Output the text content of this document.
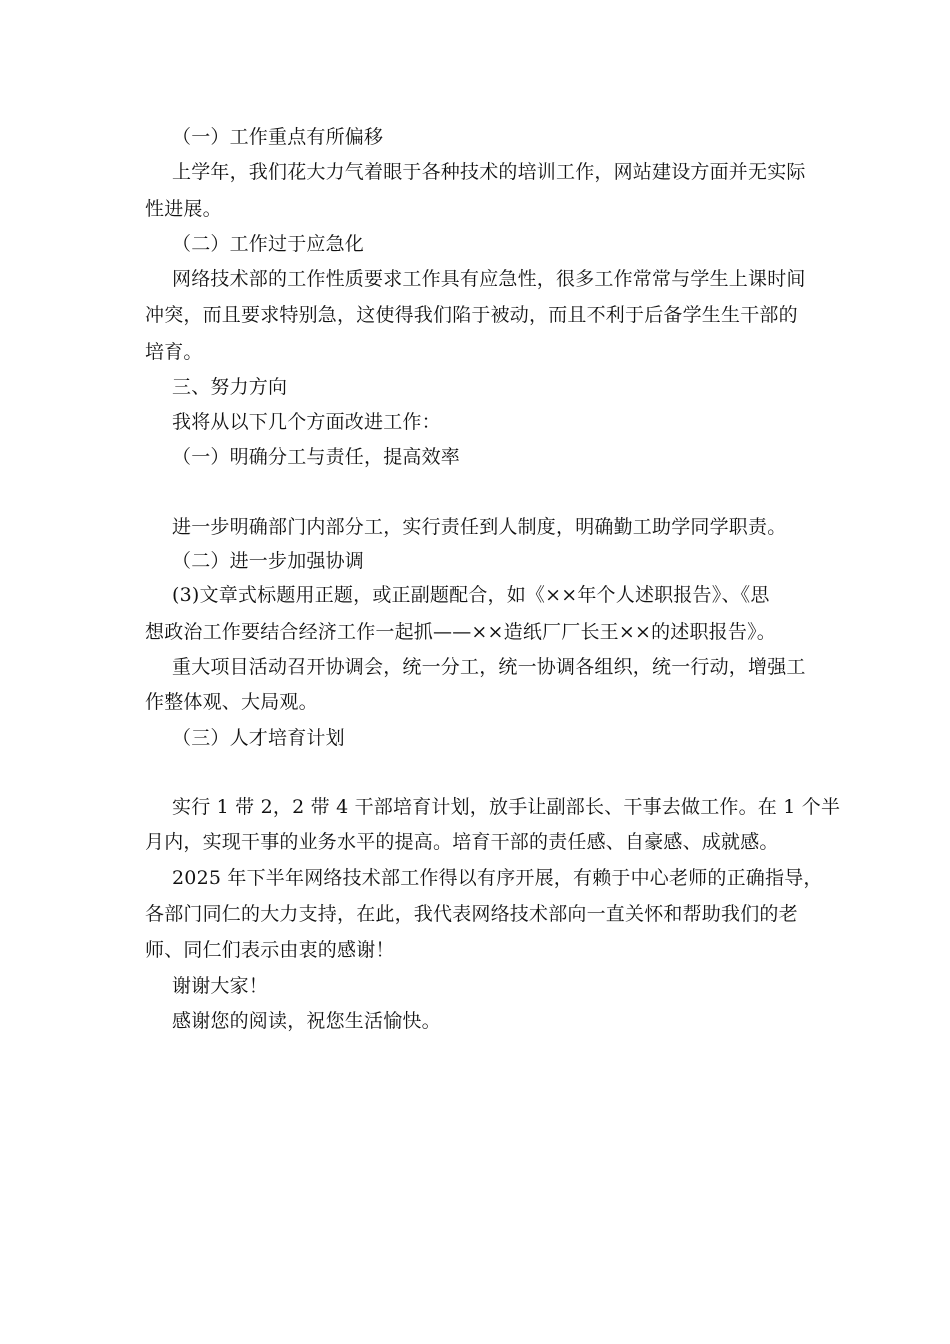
（一）工作重点有所偏移
上学年，我们花大力气着眼于各种技术的培训工作，网站建设方面并无实际
性进展。
（二）工作过于应急化
网络技术部的工作性质要求工作具有应急性，很多工作常常与学生上课时间
冲突，而且要求特别急，这使得我们陷于被动，而且不利于后备学生生干部的
培育。
三、努力方向
我将从以下几个方面改进工作：
（一）明确分工与责任，提高效率
进一步明确部门内部分工，实行责任到人制度，明确勤工助学同学职责。
（二）进一步加强协调
(3)文章式标题用正题，或正副题配合，如《××年个人述职报告》、《思
想政治工作要结合经济工作一起抓——××造纸厂厂长王××的述职报告》。
重大项目活动召开协调会，统一分工，统一协调各组织，统一行动，增强工
作整体观、大局观。
（三）人才培育计划
实行 1 带 2，2 带 4 干部培育计划，放手让副部长、干事去做工作。在 1 个半
月内，实现干事的业务水平的提高。培育干部的责任感、自豪感、成就感。
2025 年下半年网络技术部工作得以有序开展，有赖于中心老师的正确指导，
各部门同仁的大力支持，在此，我代表网络技术部向一直关怀和帮助我们的老
师、同仁们表示由衷的感谢！
谢谢大家！
感谢您的阅读，祝您生活愉快。
